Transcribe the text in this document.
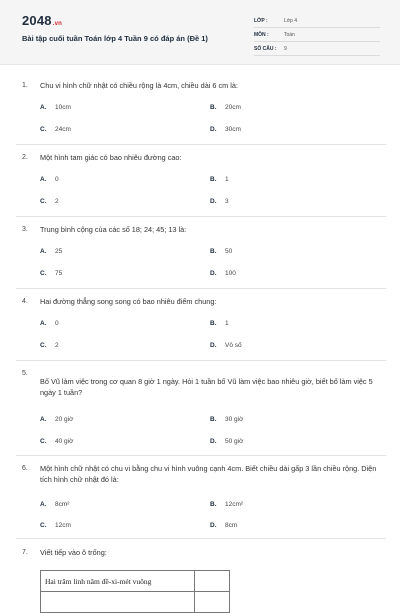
2048.vn
Bài tập cuối tuần Toán lớp 4 Tuần 9 có đáp án (Đề 1)
LỚP :	Lớp 4
MÔN :	Toán
SỐ CÂU : 9
1. Chu vi hình chữ nhật có chiều rộng là 4cm, chiều dài 6 cm là:
A. 10cm	B. 20cm
C. 24cm	D. 30cm
2. Một hình tam giác có bao nhiêu đường cao:
A. 0	B. 1
C. 2	D. 3
3. Trung bình cộng của các số 18; 24; 45; 13 là:
A. 25	B. 50
C. 75	D. 100
4. Hai đường thẳng song song có bao nhiêu điểm chung:
A. 0	B. 1
C. 2	D. Vô số
5.
Bố Vũ làm việc trong cơ quan 8 giờ 1 ngày. Hỏi 1 tuần bố Vũ làm việc bao nhiêu giờ, biết bố làm việc 5 ngày 1 tuần?
A. 20 giờ	B. 30 giờ
C. 40 giờ	D. 50 giờ
6. Một hình chữ nhật có chu vi bằng chu vi hình vuông cạnh 4cm. Biết chiều dài gấp 3 lần chiều rộng. Diện tích hình chữ nhật đó là:
A. 8cm²	B. 12cm²
C. 12cm	D. 8cm
7. Viết tiếp vào ô trống:
Hai trăm linh năm đề-xi-mét vuông	
